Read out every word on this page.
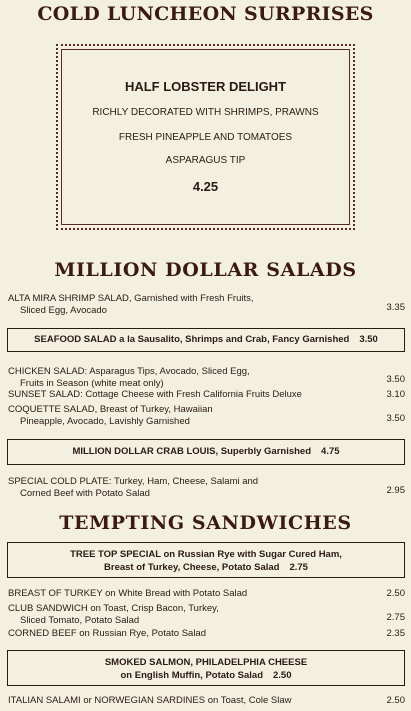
COLD LUNCHEON SURPRISES
HALF LOBSTER DELIGHT
RICHLY DECORATED WITH SHRIMPS, PRAWNS
FRESH PINEAPPLE AND TOMATOES
ASPARAGUS TIP
4.25
MILLION DOLLAR SALADS
ALTA MIRA SHRIMP SALAD, Garnished with Fresh Fruits,
Sliced Egg, Avocado	3.35
SEAFOOD SALAD a la Sausalito, Shrimps and Crab, Fancy Garnished 3.50
CHICKEN SALAD: Asparagus Tips, Avocado, Sliced Egg,
Fruits in Season (white meat only)	3.50
SUNSET SALAD: Cottage Cheese with Fresh California Fruits Deluxe	3.10
COQUETTE SALAD, Breast of Turkey, Hawaiian
Pineapple, Avocado, Lavishly Garnished	3.50
MILLION DOLLAR CRAB LOUIS, Superbly Garnished 4.75
SPECIAL COLD PLATE: Turkey, Ham, Cheese, Salami and
Corned Beef with Potato Salad	2.95
TEMPTING SANDWICHES
TREE TOP SPECIAL on Russian Rye with Sugar Cured Ham,
Breast of Turkey, Cheese, Potato Salad 2.75
BREAST OF TURKEY on White Bread with Potato Salad	2.50
CLUB SANDWICH on Toast, Crisp Bacon, Turkey,
Sliced Tomato, Potato Salad	2.75
CORNED BEEF on Russian Rye, Potato Salad	2.35
SMOKED SALMON, PHILADELPHIA CHEESE
on English Muffin, Potato Salad 2.50
ITALIAN SALAMI or NORWEGIAN SARDINES on Toast, Cole Slaw	2.50
